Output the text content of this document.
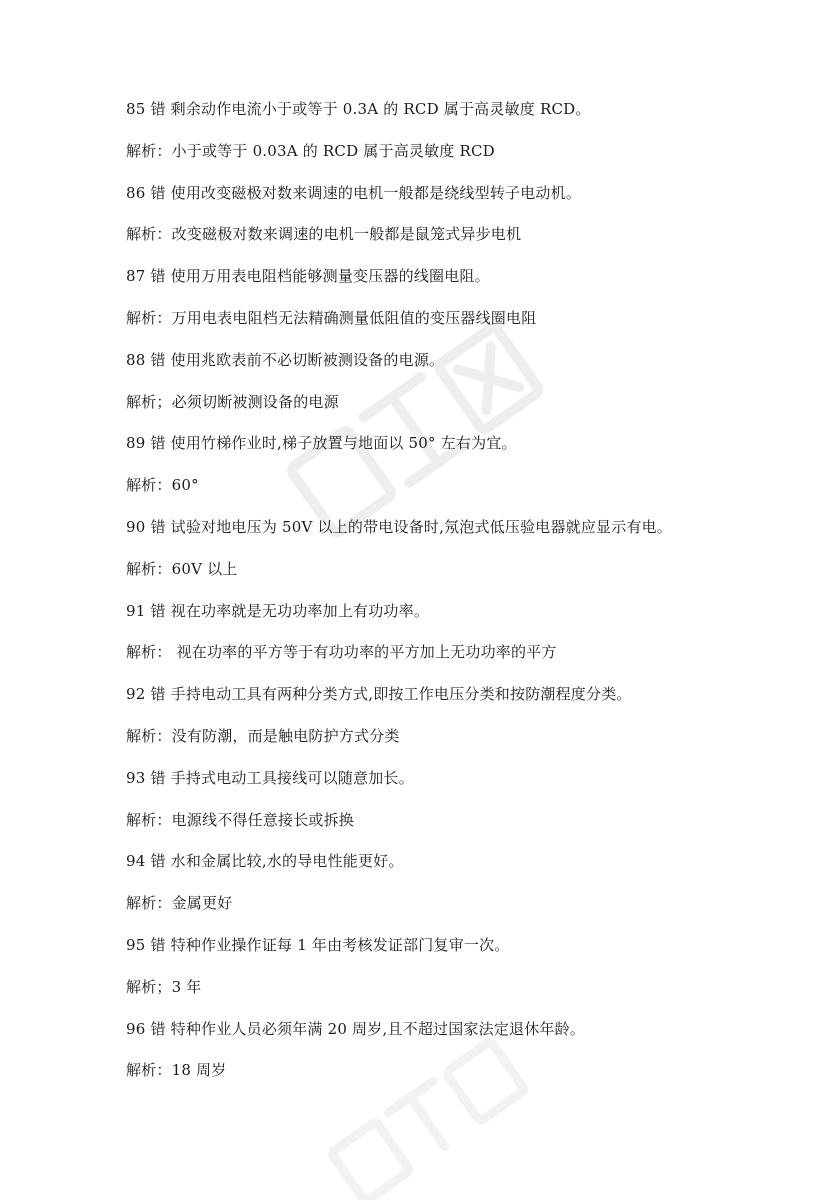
85 错 剩余动作电流小于或等于 0.3A 的 RCD 属于高灵敏度 RCD。
解析：小于或等于 0.03A 的 RCD 属于高灵敏度 RCD
86 错 使用改变磁极对数来调速的电机一般都是绕线型转子电动机。
解析：改变磁极对数来调速的电机一般都是鼠笼式异步电机
87 错 使用万用表电阻档能够测量变压器的线圈电阻。
解析：万用电表电阻档无法精确测量低阻值的变压器线圈电阻
88 错 使用兆欧表前不必切断被测设备的电源。
解析；必须切断被测设备的电源
89 错 使用竹梯作业时,梯子放置与地面以 50° 左右为宜。
解析：60°
90 错 试验对地电压为 50V 以上的带电设备时,氖泡式低压验电器就应显示有电。
解析：60V 以上
91 错 视在功率就是无功功率加上有功功率。
解析： 视在功率的平方等于有功功率的平方加上无功功率的平方
92 错 手持电动工具有两种分类方式,即按工作电压分类和按防潮程度分类。
解析：没有防潮，而是触电防护方式分类
93 错 手持式电动工具接线可以随意加长。
解析：电源线不得任意接长或拆换
94 错 水和金属比较,水的导电性能更好。
解析：金属更好
95 错 特种作业操作证每 1 年由考核发证部门复审一次。
解析；3 年
96 错 特种作业人员必须年满 20 周岁,且不超过国家法定退休年龄。
解析：18 周岁
